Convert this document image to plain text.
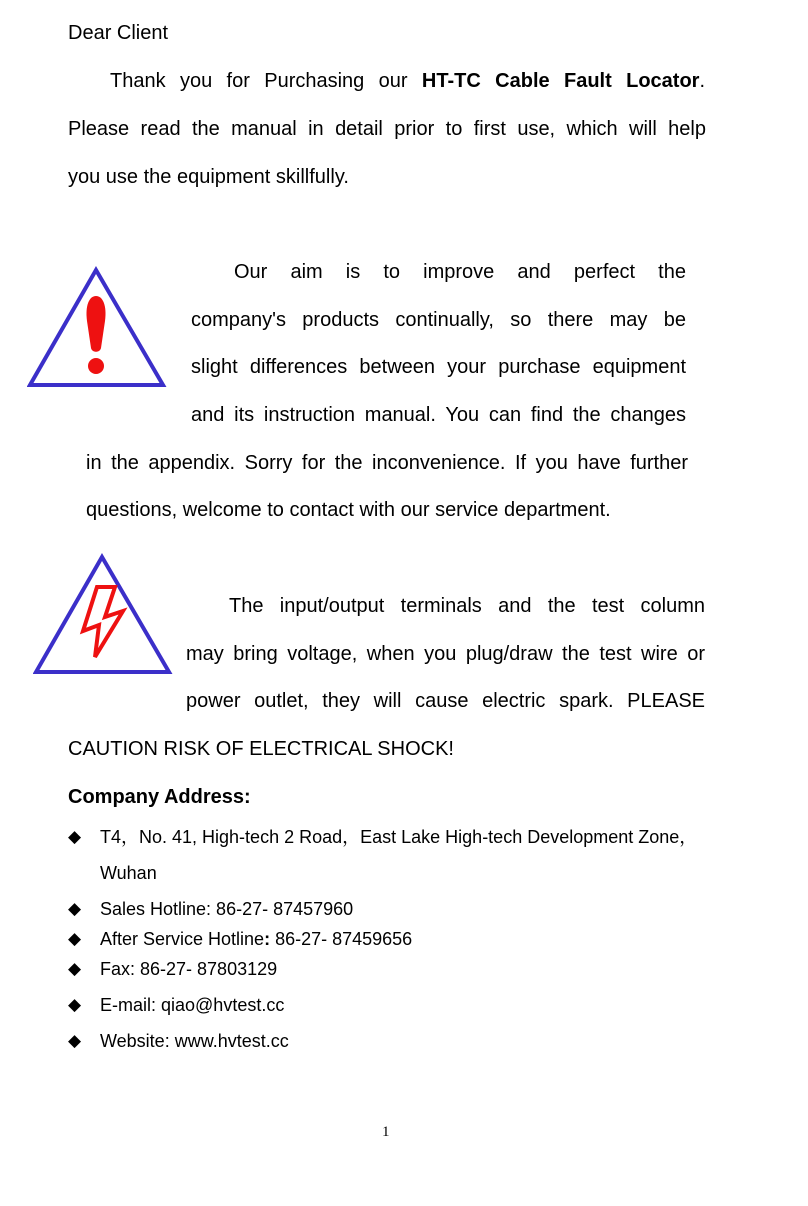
Dear Client
Thank you for Purchasing our HT-TC Cable Fault Locator.
Please read the manual in detail prior to first use, which will help
you use the equipment skillfully.
Our aim is to improve and perfect the
company's products continually, so there may be
slight differences between your purchase equipment
and its instruction manual. You can find the changes
in the appendix. Sorry for the inconvenience. If you have further
questions, welcome to contact with our service department.
The input/output terminals and the test column
may bring voltage, when you plug/draw the test wire or
power outlet, they will cause electric spark. PLEASE
CAUTION RISK OF ELECTRICAL SHOCK!
Company Address:
◆ T4，No. 41, High-tech 2 Road，East Lake High-tech Development Zone，
Wuhan
◆ Sales Hotline: 86-27- 87457960
◆ After Service Hotline: 86-27- 87459656
◆ Fax: 86-27- 87803129
◆ E-mail: qiao@hvtest.cc
◆ Website: www.hvtest.cc
1
